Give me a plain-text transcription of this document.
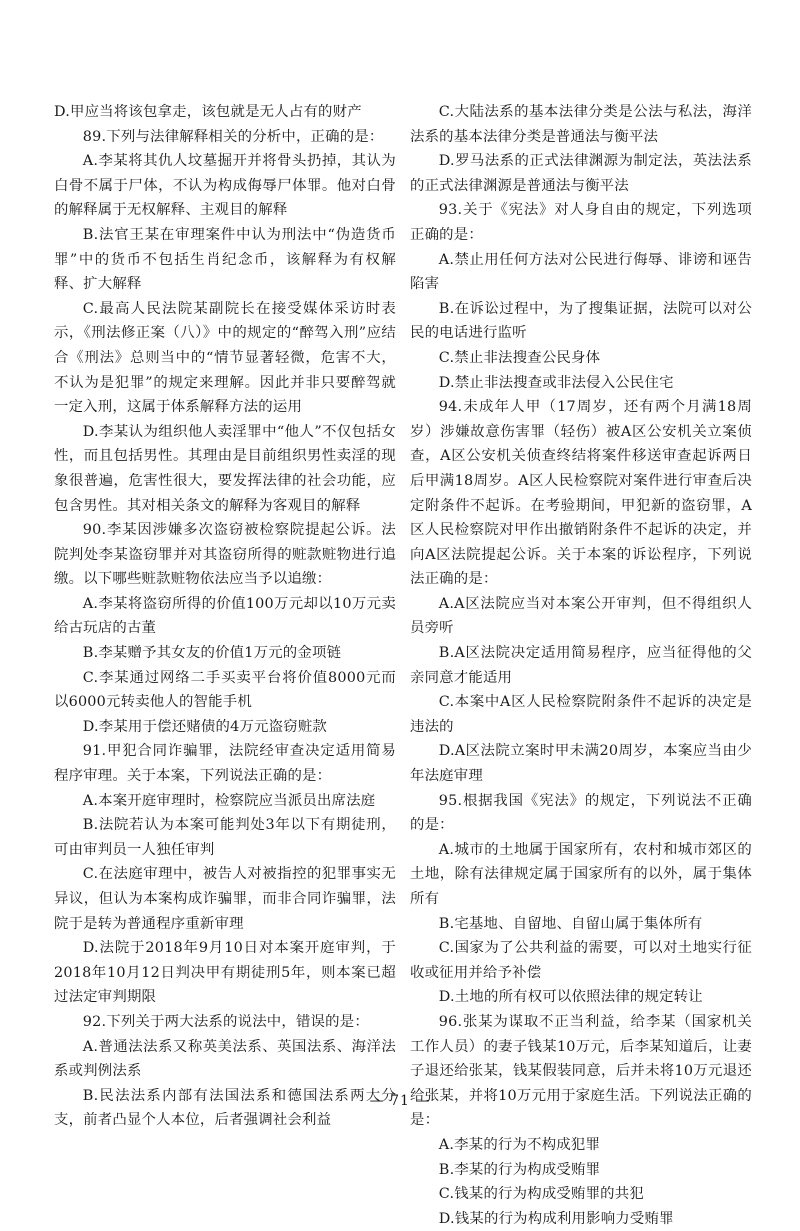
D.甲应当将该包拿走，该包就是无人占有的财产

89.下列与法律解释相关的分析中，正确的是：

A.李某将其仇人坟墓掘开并将骨头扔掉，其认为白骨不属于尸体，不认为构成侮辱尸体罪。他对白骨的解释属于无权解释、主观目的解释

B.法官王某在审理案件中认为刑法中“伪造货币罪”中的货币不包括生肖纪念币，该解释为有权解释、扩大解释

C.最高人民法院某副院长在接受媒体采访时表示，《刑法修正案（八）》中的规定的“醉驾入刑”应结合《刑法》总则当中的“情节显著轻微，危害不大，不认为是犯罪”的规定来理解。因此并非只要醉驾就一定入刑，这属于体系解释方法的运用

D.李某认为组织他人卖淫罪中“他人”不仅包括女性，而且包括男性。其理由是目前组织男性卖淫的现象很普遍，危害性很大，要发挥法律的社会功能，应包含男性。其对相关条文的解释为客观目的解释

90.李某因涉嫌多次盗窃被检察院提起公诉。法院判处李某盗窃罪并对其盗窃所得的赃款赃物进行追缴。以下哪些赃款赃物依法应当予以追缴：

A.李某将盗窃所得的价值100万元却以10万元卖给古玩店的古董

B.李某赠予其女友的价值1万元的金项链

C.李某通过网络二手买卖平台将价值8000元而以6000元转卖他人的智能手机

D.李某用于偿还赌债的4万元盗窃赃款

91.甲犯合同诈骗罪，法院经审查决定适用简易程序审理。关于本案，下列说法正确的是：

A.本案开庭审理时，检察院应当派员出席法庭

B.法院若认为本案可能判处3年以下有期徒刑，可由审判员一人独任审判

C.在法庭审理中，被告人对被指控的犯罪事实无异议，但认为本案构成诈骗罪，而非合同诈骗罪，法院于是转为普通程序重新审理

D.法院于2018年9月10日对本案开庭审判，于2018年10月12日判决甲有期徒刑5年，则本案已超过法定审判期限

92.下列关于两大法系的说法中，错误的是：

A.普通法法系又称英美法系、英国法系、海洋法系或判例法系

B.民法法系内部有法国法系和德国法系两大分支，前者凸显个人本位，后者强调社会利益

C.大陆法系的基本法律分类是公法与私法，海洋法系的基本法律分类是普通法与衡平法

D.罗马法系的正式法律渊源为制定法，英法法系的正式法律渊源是普通法与衡平法

93.关于《宪法》对人身自由的规定，下列选项正确的是：

A.禁止用任何方法对公民进行侮辱、诽谤和诬告陷害

B.在诉讼过程中，为了搜集证据，法院可以对公民的电话进行监听

C.禁止非法搜查公民身体

D.禁止非法搜查或非法侵入公民住宅

94.未成年人甲（17周岁，还有两个月满18周岁）涉嫌故意伤害罪（轻伤）被A区公安机关立案侦查，A区公安机关侦查终结将案件移送审查起诉两日后甲满18周岁。A区人民检察院对案件进行审查后决定附条件不起诉。在考验期间，甲犯新的盗窃罪，A区人民检察院对甲作出撤销附条件不起诉的决定，并向A区法院提起公诉。关于本案的诉讼程序，下列说法正确的是：

A.A区法院应当对本案公开审判，但不得组织人员旁听

B.A区法院决定适用简易程序，应当征得他的父亲同意才能适用

C.本案中A区人民检察院附条件不起诉的决定是违法的

D.A区法院立案时甲未满20周岁，本案应当由少年法庭审理

95.根据我国《宪法》的规定，下列说法不正确的是：

A.城市的土地属于国家所有，农村和城市郊区的土地，除有法律规定属于国家所有的以外，属于集体所有

B.宅基地、自留地、自留山属于集体所有

C.国家为了公共利益的需要，可以对土地实行征收或征用并给予补偿

D.土地的所有权可以依照法律的规定转让

96.张某为谋取不正当利益，给李某（国家机关工作人员）的妻子钱某10万元，后李某知道后，让妻子退还给张某，钱某假装同意，后并未将10万元退还给张某，并将10万元用于家庭生活。下列说法正确的是：

A.李某的行为不构成犯罪

B.李某的行为构成受贿罪

C.钱某的行为构成受贿罪的共犯

D.钱某的行为构成利用影响力受贿罪

— 71 —
